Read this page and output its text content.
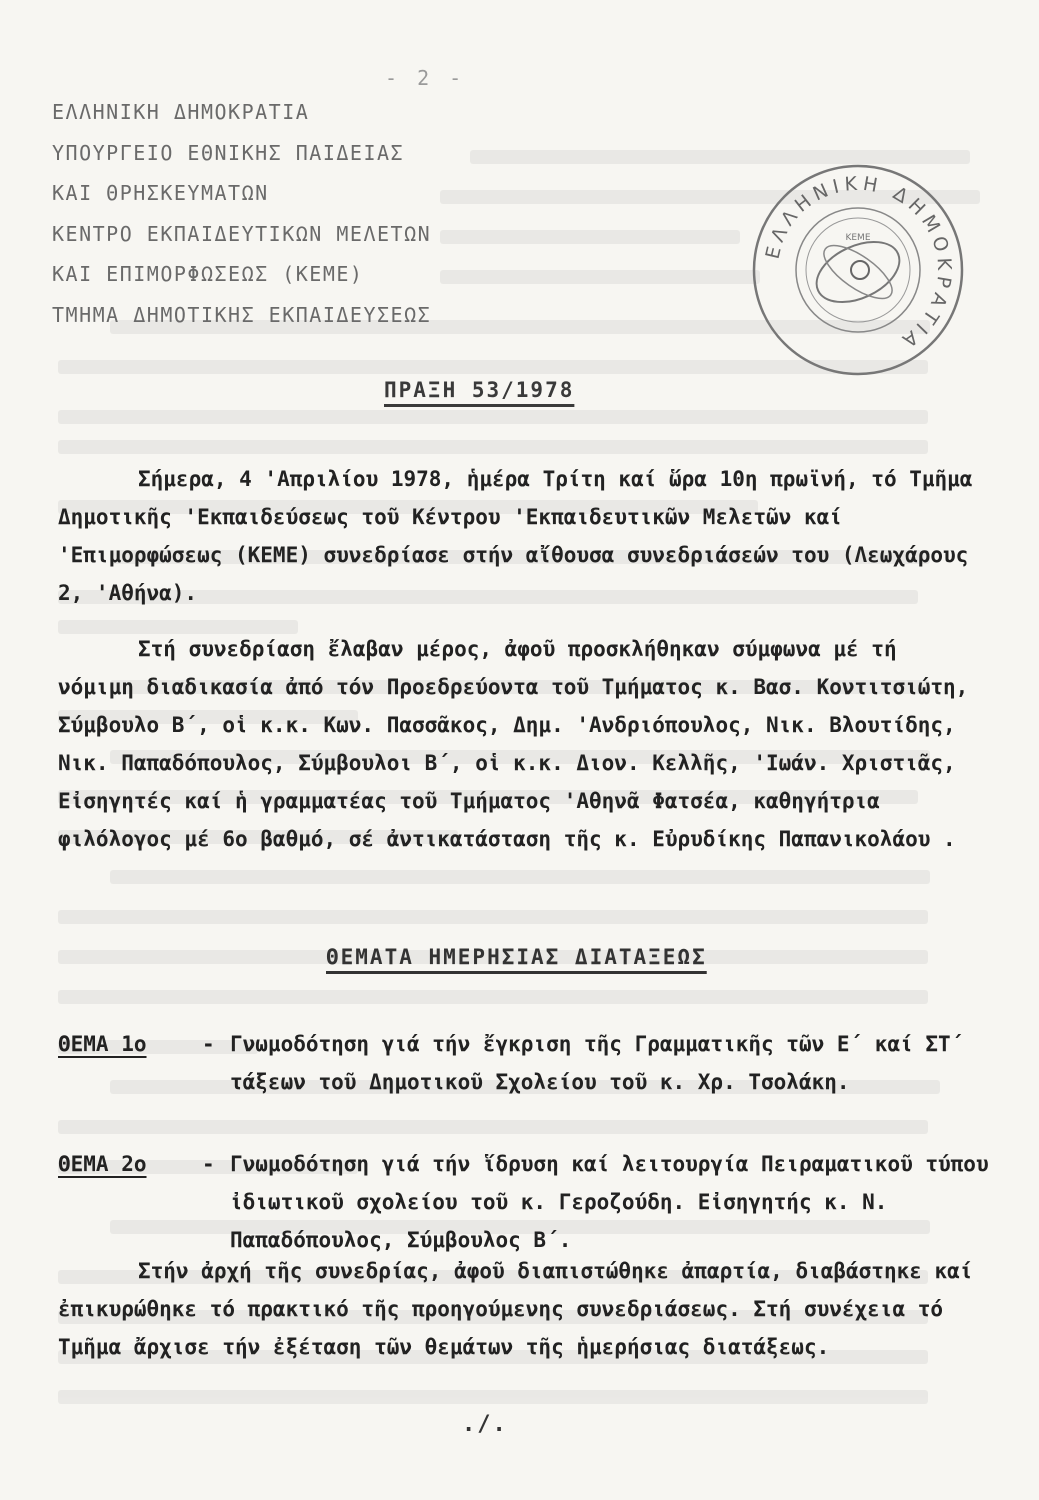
- 2 -
ΕΛΛΗΝΙΚΗ ΔΗΜΟΚΡΑΤΙΑ
ΥΠΟΥΡΓΕΙΟ ΕΘΝΙΚΗΣ ΠΑΙΔΕΙΑΣ
ΚΑΙ ΘΡΗΣΚΕΥΜΑΤΩΝ
ΚΕΝΤΡΟ ΕΚΠΑΙΔΕΥΤΙΚΩΝ ΜΕΛΕΤΩΝ
ΚΑΙ ΕΠΙΜΟΡΦΩΣΕΩΣ (ΚΕΜΕ)
ΤΜΗΜΑ ΔΗΜΟΤΙΚΗΣ ΕΚΠΑΙΔΕΥΣΕΩΣ
ΕΛΛΗΝΙΚΗ ΔΗΜΟΚΡΑΤΙΑ
ΚΕΜΕ
ΠΡΑΞΗ 53/1978
Σήμερα, 4 'Απριλίου 1978, ἡμέρα Τρίτη καί ὥρα 10η πρωϊνή, τό Τμῆμα Δημοτικῆς 'Εκπαιδεύσεως τοῦ Κέντρου 'Εκπαιδευτικῶν Μελετῶν καί 'Επιμορφώσεως (ΚΕΜΕ) συνεδρίασε στήν αἴθουσα συνεδριάσεών του (Λεωχάρους 2, 'Αθήνα).
Στή συνεδρίαση ἔλαβαν μέρος, ἀφοῦ προσκλήθηκαν σύμφωνα μέ τή νόμιμη διαδικασία ἀπό τόν Προεδρεύοντα τοῦ Τμήματος κ. Βασ. Κοντιτσιώτη, Σύμβουλο Β΄, οἱ κ.κ. Κων. Πασσᾶκος, Δημ. 'Ανδριόπουλος, Νικ. Βλουτίδης, Νικ. Παπαδόπουλος, Σύμβουλοι Β΄, οἱ κ.κ. Διον. Κελλῆς, 'Ιωάν. Χριστιᾶς, Εἰσηγητές καί ἡ γραμματέας τοῦ Τμήματος 'Αθηνᾶ Φατσέα, καθηγήτρια φιλόλογος μέ 6ο βαθμό, σέ ἀντικατάσταση τῆς κ. Εὐρυδίκης Παπανικολάου .
ΘΕΜΑΤΑ ΗΜΕΡΗΣΙΑΣ ΔΙΑΤΑΞΕΩΣ
ΘΕΜΑ 1ο	- Γνωμοδότηση γιά τήν ἔγκριση τῆς Γραμματικῆς τῶν Ε΄ καί ΣΤ΄ τάξεων τοῦ Δημοτικοῦ Σχολείου τοῦ κ. Χρ. Τσολάκη.
ΘΕΜΑ 2ο	- Γνωμοδότηση γιά τήν ἵδρυση καί λειτουργία Πειραματικοῦ τύπου ἰδιωτικοῦ σχολείου τοῦ κ. Γεροζούδη. Εἰσηγητής κ. Ν. Παπαδόπουλος, Σύμβουλος Β΄.
Στήν ἀρχή τῆς συνεδρίας, ἀφοῦ διαπιστώθηκε ἀπαρτία, διαβάστηκε καί ἐπικυρώθηκε τό πρακτικό τῆς προηγούμενης συνεδριάσεως. Στή συνέχεια τό Τμῆμα ἄρχισε τήν ἐξέταση τῶν θεμάτων τῆς ἡμερήσιας διατάξεως.
./.
